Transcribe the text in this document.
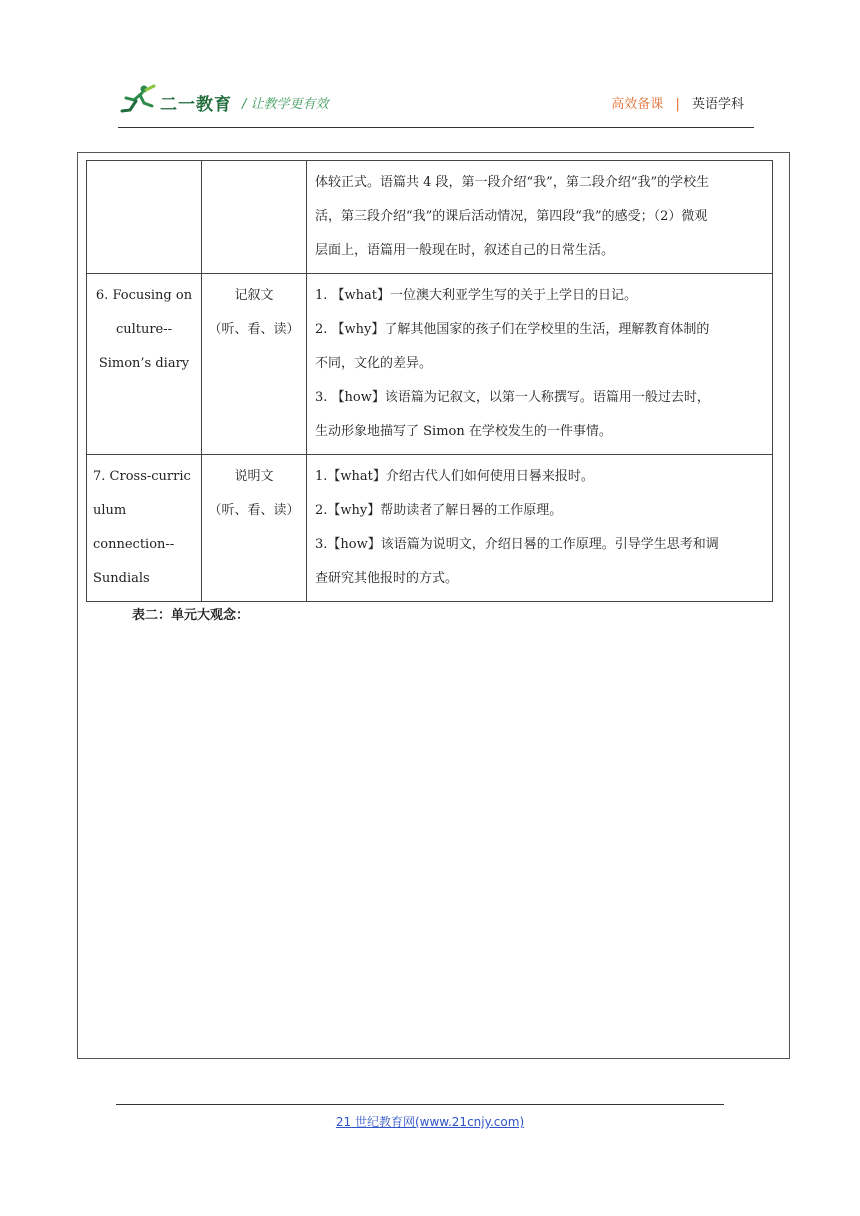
二一教育 / 让教学更有效	高效备课 | 英语学科

		体较正式。语篇共 4 段，第一段介绍“我”，第二段介绍“我”的学校生
活，第三段介绍“我”的课后活动情况，第四段“我”的感受；（2）微观
层面上，语篇用一般现在时，叙述自己的日常生活。

6. Focusing on
culture--
Simon’s diary	记叙文
（听、看、读）	1. 【what】一位澳大利亚学生写的关于上学日的日记。
2. 【why】了解其他国家的孩子们在学校里的生活，理解教育体制的
不同，文化的差异。
3. 【how】该语篇为记叙文，以第一人称撰写。语篇用一般过去时，
生动形象地描写了 Simon 在学校发生的一件事情。

7. Cross-curric
ulum
connection--
Sundials	说明文
（听、看、读）	1.【what】介绍古代人们如何使用日晷来报时。
2.【why】帮助读者了解日晷的工作原理。
3.【how】该语篇为说明文，介绍日晷的工作原理。引导学生思考和调
查研究其他报时的方式。
表二：单元大观念：
21 世纪教育网(www.21cnjy.com)
